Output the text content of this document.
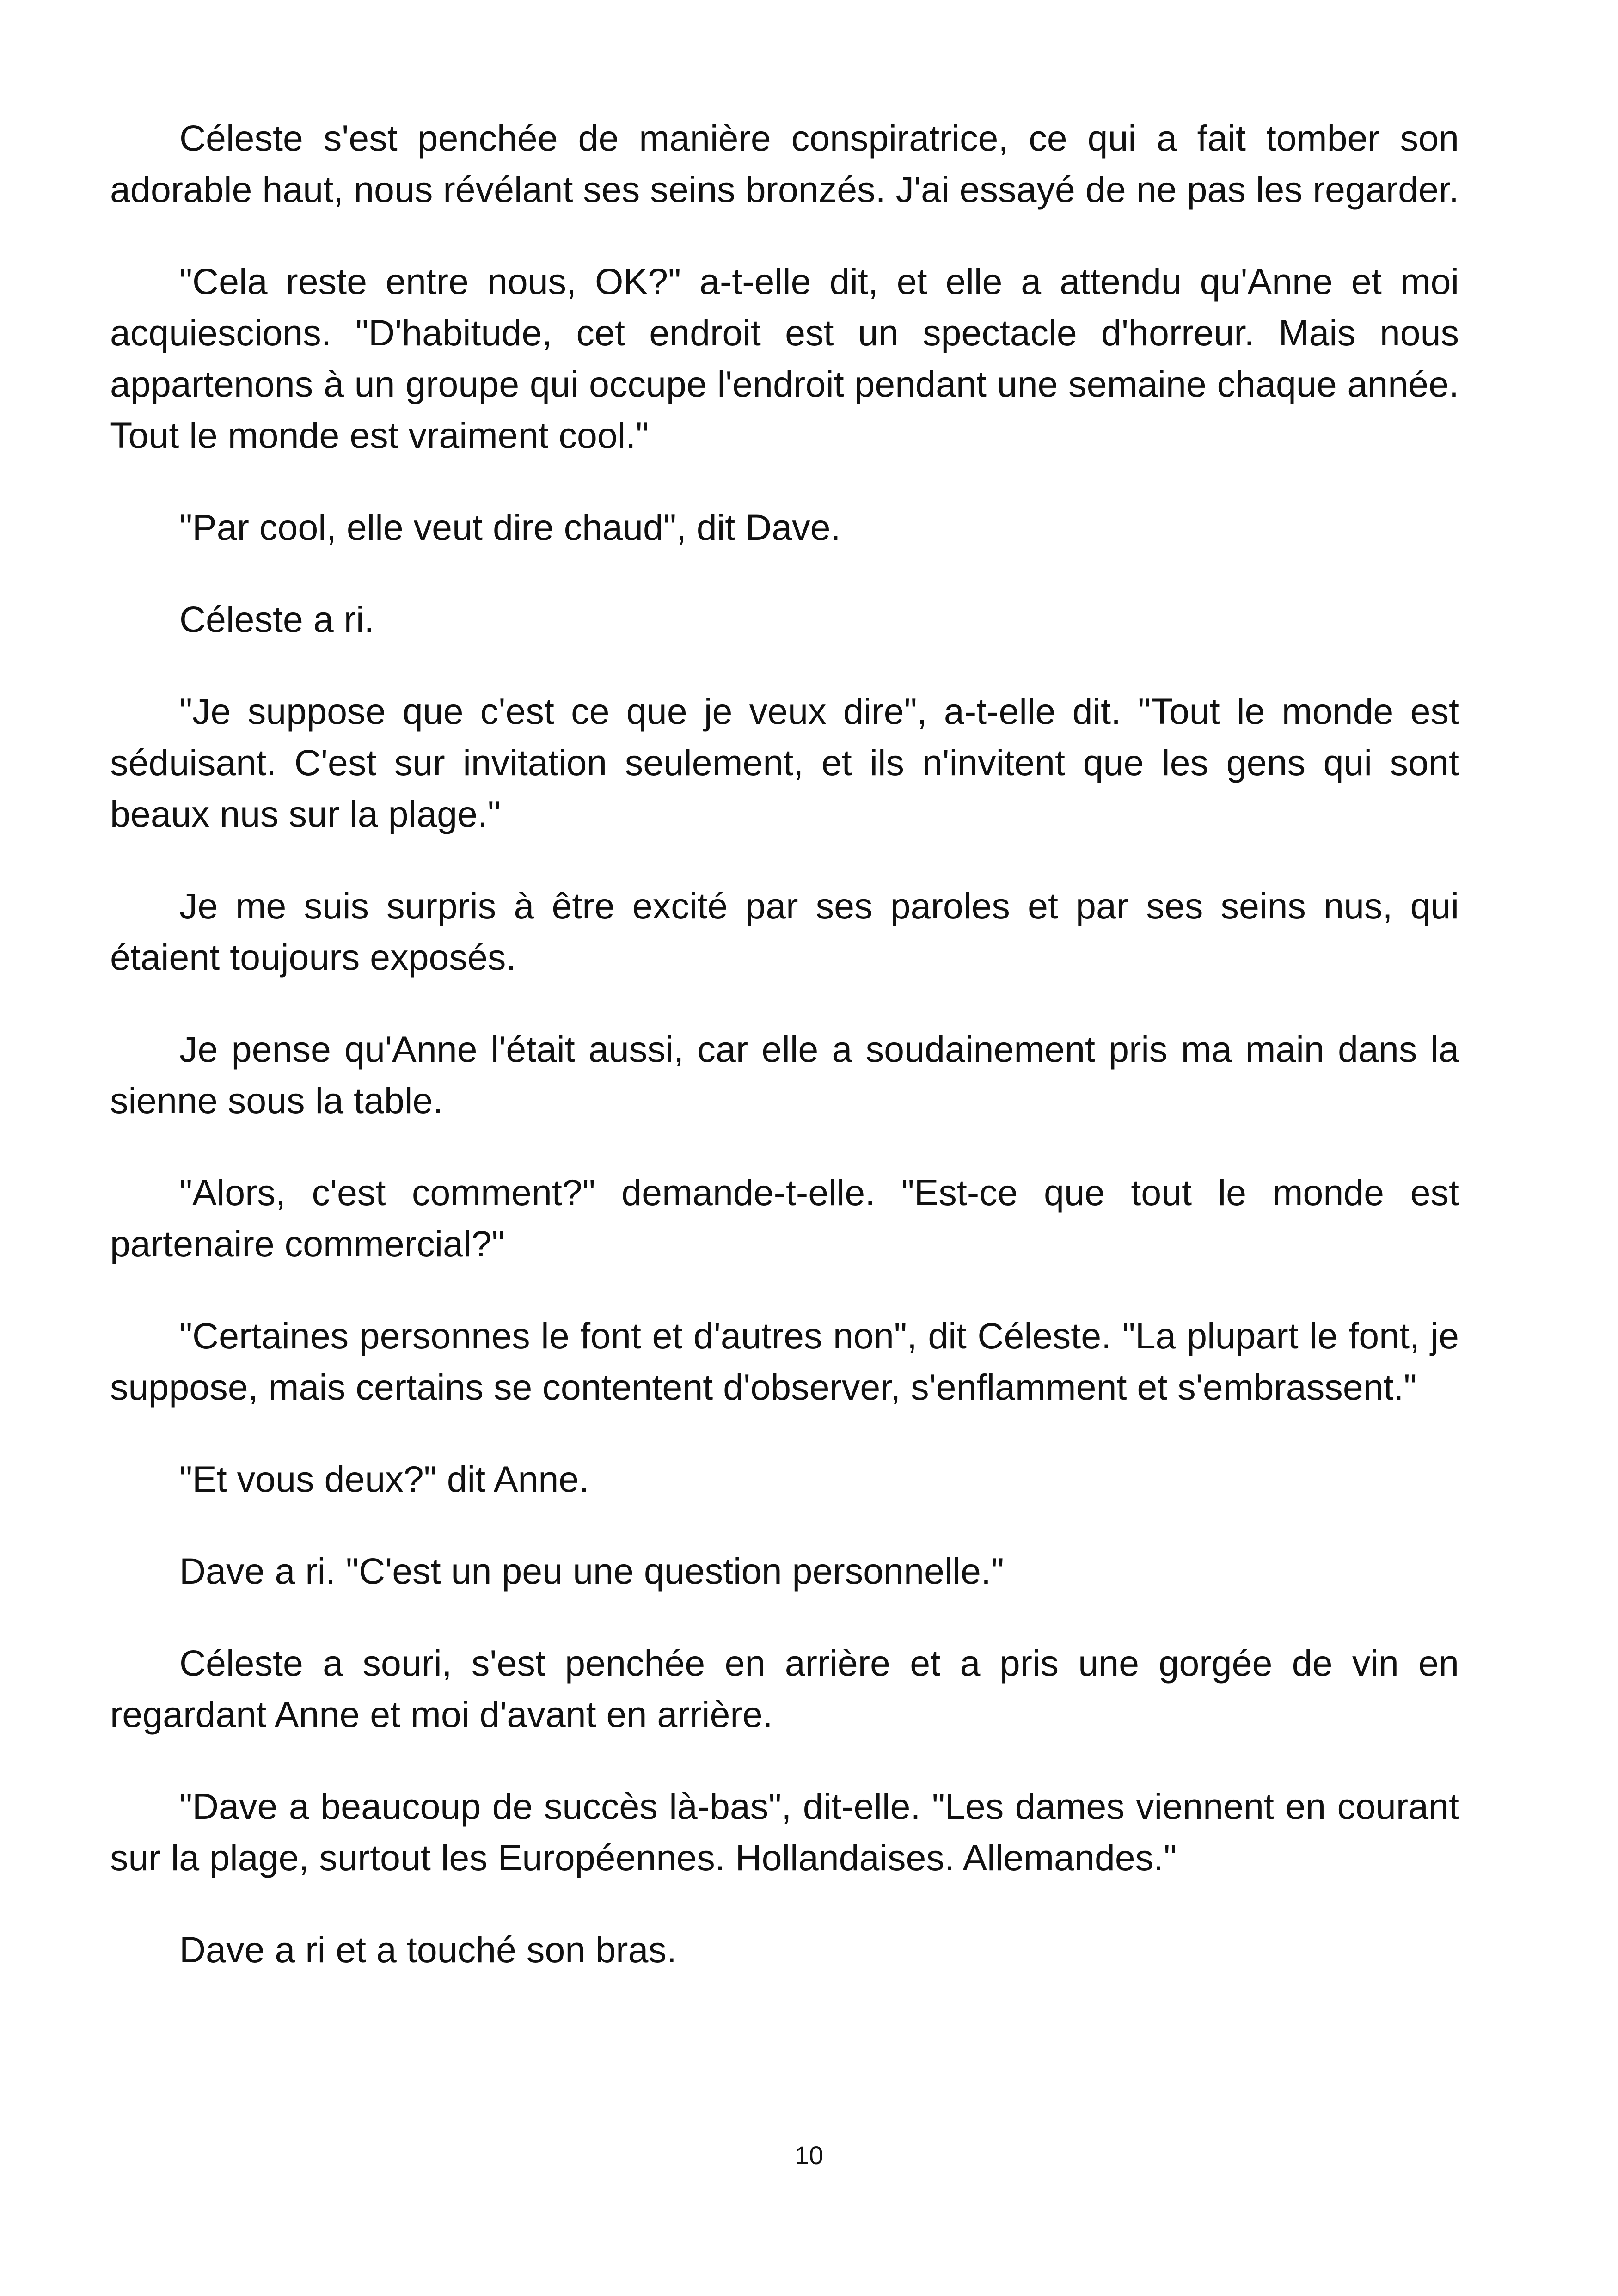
Céleste s'est penchée de manière conspiratrice, ce qui a fait tomber son adorable haut, nous révélant ses seins bronzés. J'ai essayé de ne pas les regarder.

"Cela reste entre nous, OK?" a-t-elle dit, et elle a attendu qu'Anne et moi acquiescions. "D'habitude, cet endroit est un spectacle d'horreur. Mais nous appartenons à un groupe qui occupe l'endroit pendant une semaine chaque année. Tout le monde est vraiment cool."

"Par cool, elle veut dire chaud", dit Dave.

Céleste a ri.

"Je suppose que c'est ce que je veux dire", a-t-elle dit. "Tout le monde est séduisant. C'est sur invitation seulement, et ils n'invitent que les gens qui sont beaux nus sur la plage."

Je me suis surpris à être excité par ses paroles et par ses seins nus, qui étaient toujours exposés.

Je pense qu'Anne l'était aussi, car elle a soudainement pris ma main dans la sienne sous la table.

"Alors, c'est comment?" demande-t-elle. "Est-ce que tout le monde est partenaire commercial?"

"Certaines personnes le font et d'autres non", dit Céleste. "La plupart le font, je suppose, mais certains se contentent d'observer, s'enflamment et s'embrassent."

"Et vous deux?" dit Anne.

Dave a ri. "C'est un peu une question personnelle."

Céleste a souri, s'est penchée en arrière et a pris une gorgée de vin en regardant Anne et moi d'avant en arrière.

"Dave a beaucoup de succès là-bas", dit-elle. "Les dames viennent en courant sur la plage, surtout les Européennes. Hollandaises. Allemandes."

Dave a ri et a touché son bras.

10
